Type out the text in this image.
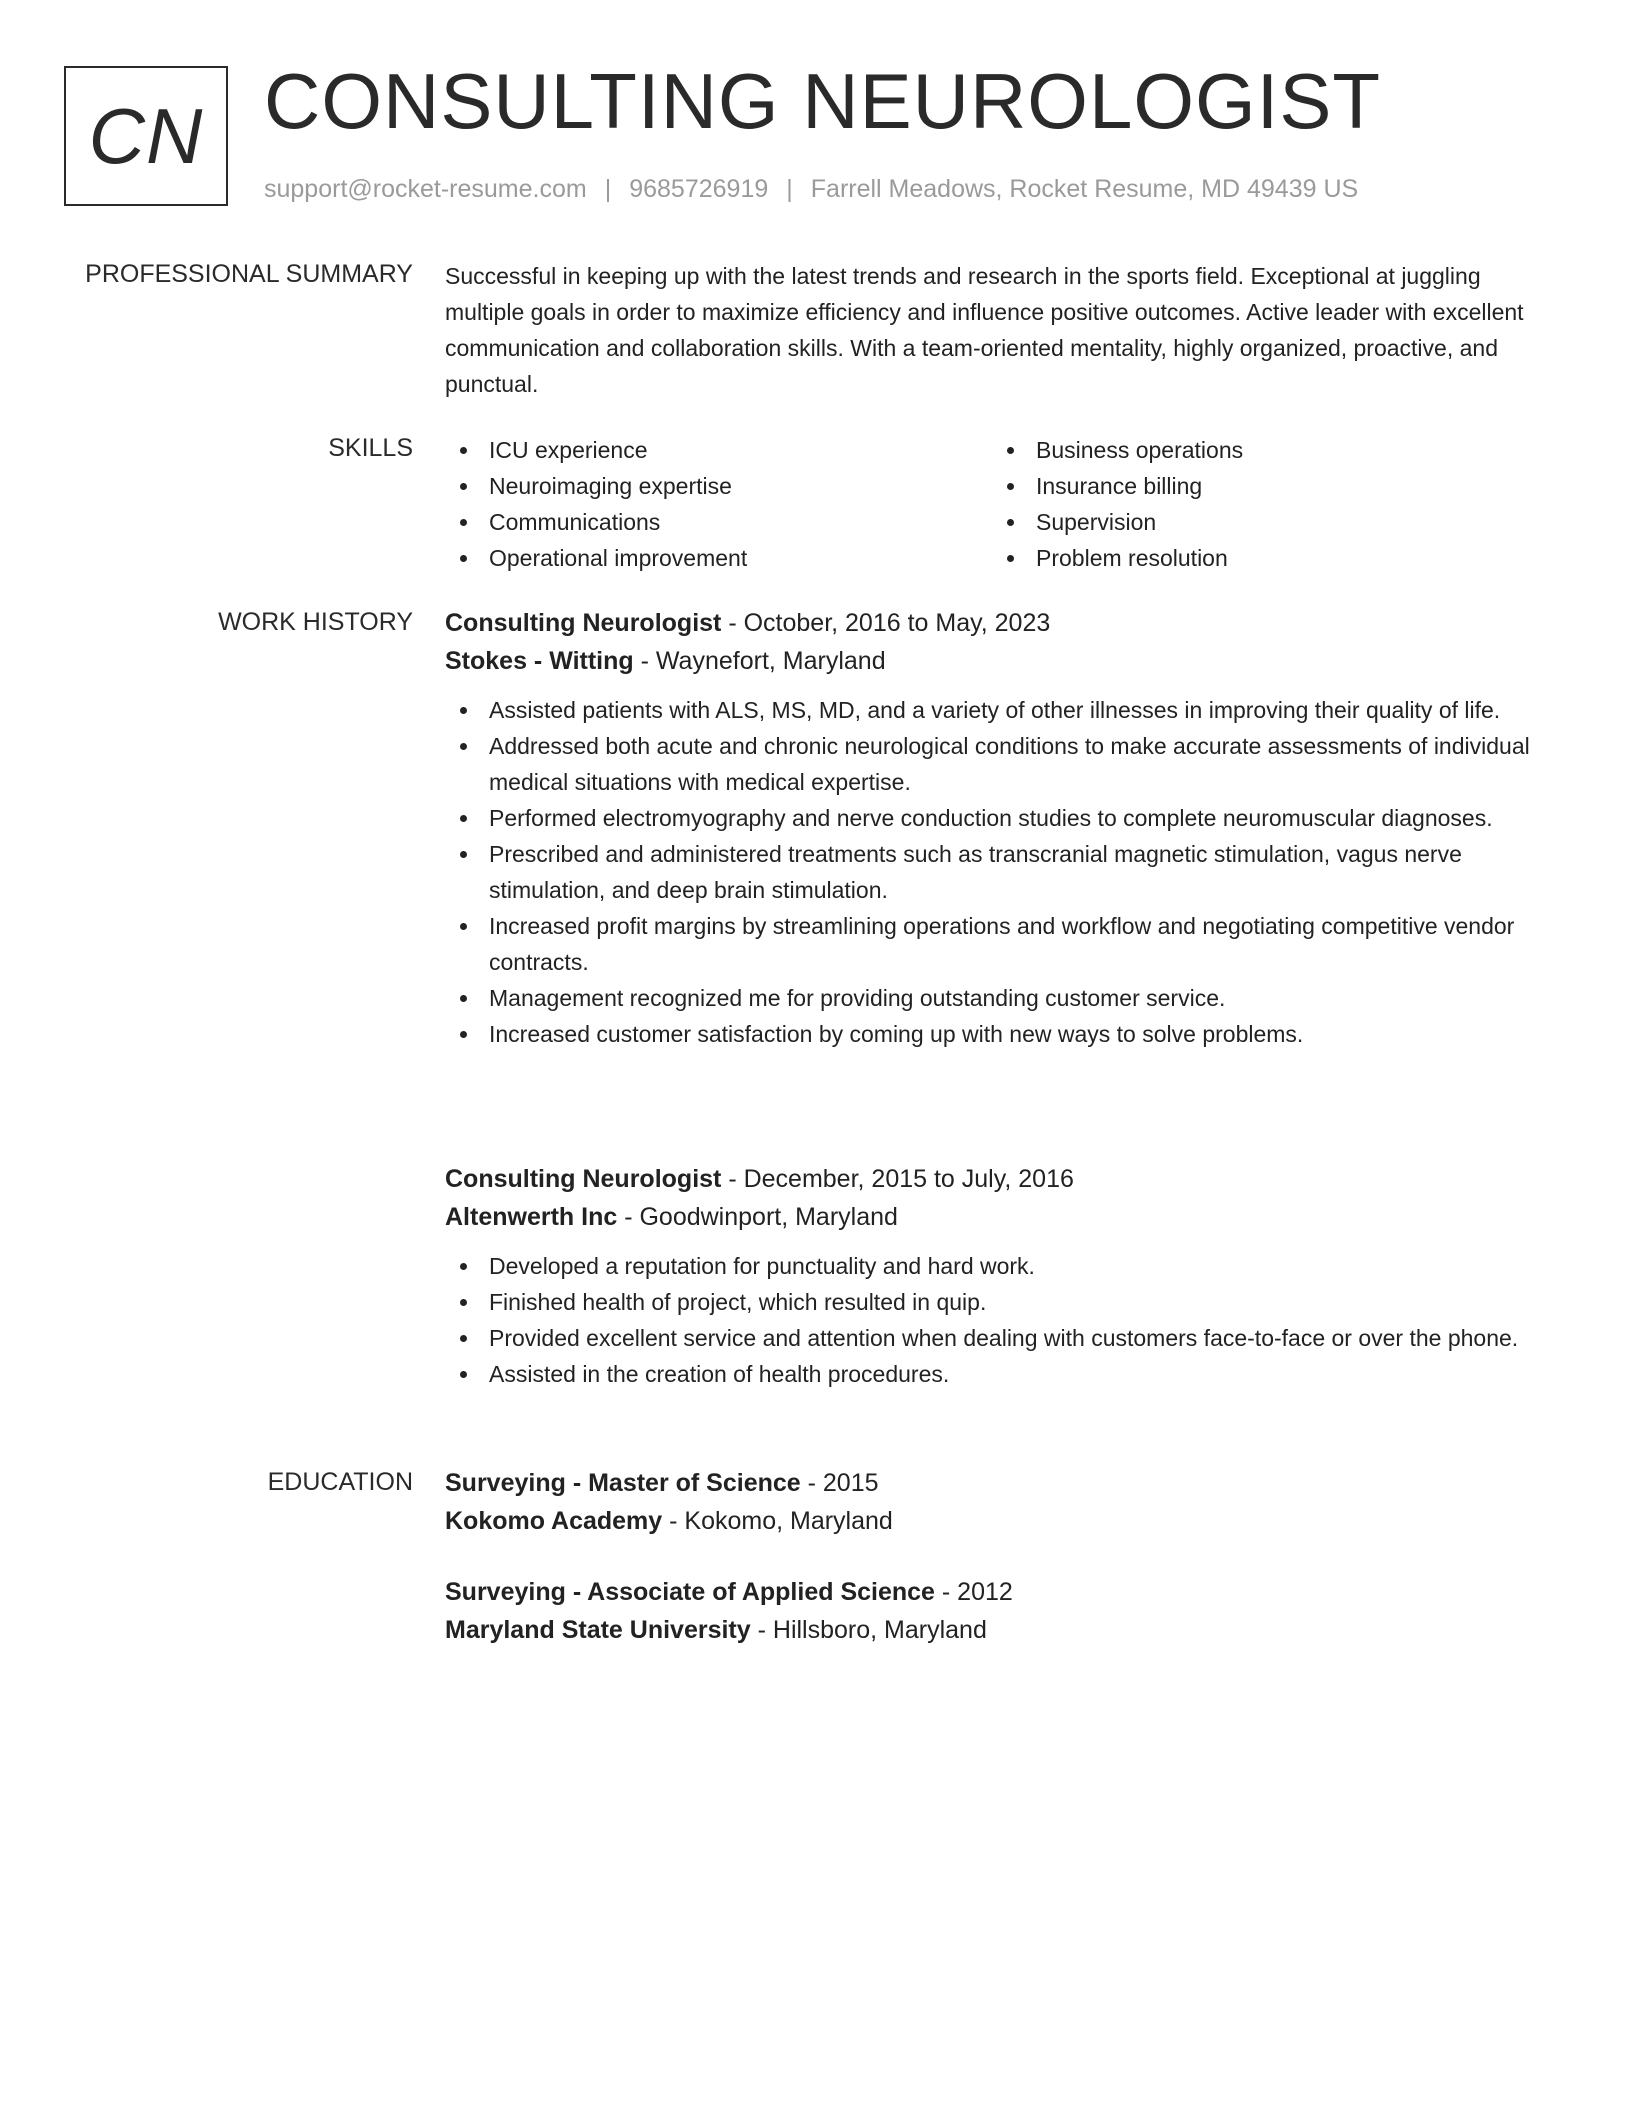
CN CONSULTING NEUROLOGIST
support@rocket-resume.com | 9685726919 | Farrell Meadows, Rocket Resume, MD 49439 US
PROFESSIONAL SUMMARY Successful in keeping up with the latest trends and research in the sports field. Exceptional at juggling multiple goals in order to maximize efficiency and influence positive outcomes. Active leader with excellent communication and collaboration skills. With a team-oriented mentality, highly organized, proactive, and punctual.

SKILLS	ICU experience
Neuroimaging expertise
Communications
Operational improvement
Business operations
Insurance billing
Supervision
Problem resolution
WORK HISTORY Consulting Neurologist - October, 2016 to May, 2023
Stokes - Witting - Waynefort, Maryland
Assisted patients with ALS, MS, MD, and a variety of other illnesses in improving their quality of life.
Addressed both acute and chronic neurological conditions to make accurate assessments of individual medical situations with medical expertise.
Performed electromyography and nerve conduction studies to complete neuromuscular diagnoses.
Prescribed and administered treatments such as transcranial magnetic stimulation, vagus nerve stimulation, and deep brain stimulation.
Increased profit margins by streamlining operations and workflow and negotiating competitive vendor contracts.
Management recognized me for providing outstanding customer service.
Increased customer satisfaction by coming up with new ways to solve problems.
Consulting Neurologist - December, 2015 to July, 2016
Altenwerth Inc - Goodwinport, Maryland
Developed a reputation for punctuality and hard work.
Finished health of project, which resulted in quip.
Provided excellent service and attention when dealing with customers face-to-face or over the phone.
Assisted in the creation of health procedures.
EDUCATION Surveying - Master of Science - 2015
Kokomo Academy - Kokomo, Maryland
Surveying - Associate of Applied Science - 2012
Maryland State University - Hillsboro, Maryland
